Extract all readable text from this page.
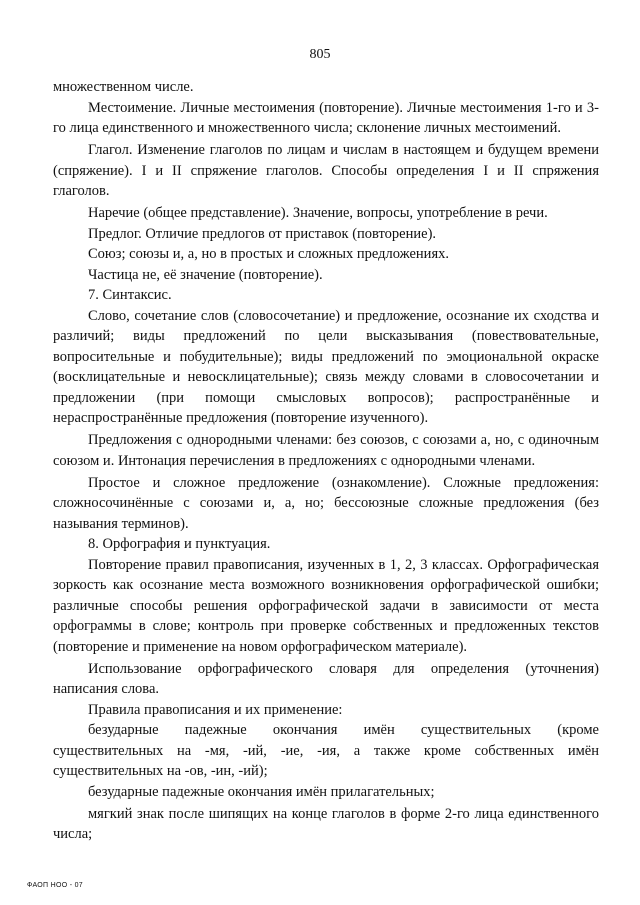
805

множественном числе.

Местоимение. Личные местоимения (повторение). Личные местоимения 1-го и 3-го лица единственного и множественного числа; склонение личных местоимений.

Глагол. Изменение глаголов по лицам и числам в настоящем и будущем времени (спряжение). I и II спряжение глаголов. Способы определения I и II спряжения глаголов.

Наречие (общее представление). Значение, вопросы, употребление в речи.

Предлог. Отличие предлогов от приставок (повторение).

Союз; союзы и, а, но в простых и сложных предложениях.

Частица не, её значение (повторение).

7. Синтаксис.

Слово, сочетание слов (словосочетание) и предложение, осознание их сходства и различий; виды предложений по цели высказывания (повествовательные, вопросительные и побудительные); виды предложений по эмоциональной окраске (восклицательные и невосклицательные); связь между словами в словосочетании и предложении (при помощи смысловых вопросов); распространённые и нераспространённые предложения (повторение изученного).

Предложения с однородными членами: без союзов, с союзами а, но, с одиночным союзом и. Интонация перечисления в предложениях с однородными членами.

Простое и сложное предложение (ознакомление). Сложные предложения: сложносочинённые с союзами и, а, но; бессоюзные сложные предложения (без называния терминов).

8. Орфография и пунктуация.

Повторение правил правописания, изученных в 1, 2, 3 классах. Орфографическая зоркость как осознание места возможного возникновения орфографической ошибки; различные способы решения орфографической задачи в зависимости от места орфограммы в слове; контроль при проверке собственных и предложенных текстов (повторение и применение на новом орфографическом материале).

Использование орфографического словаря для определения (уточнения) написания слова.

Правила правописания и их применение:

безударные падежные окончания имён существительных (кроме существительных на -мя, -ий, -ие, -ия, а также кроме собственных имён существительных на -ов, -ин, -ий);

безударные падежные окончания имён прилагательных;

мягкий знак после шипящих на конце глаголов в форме 2-го лица единственного числа;

ФАОП НОО - 07
